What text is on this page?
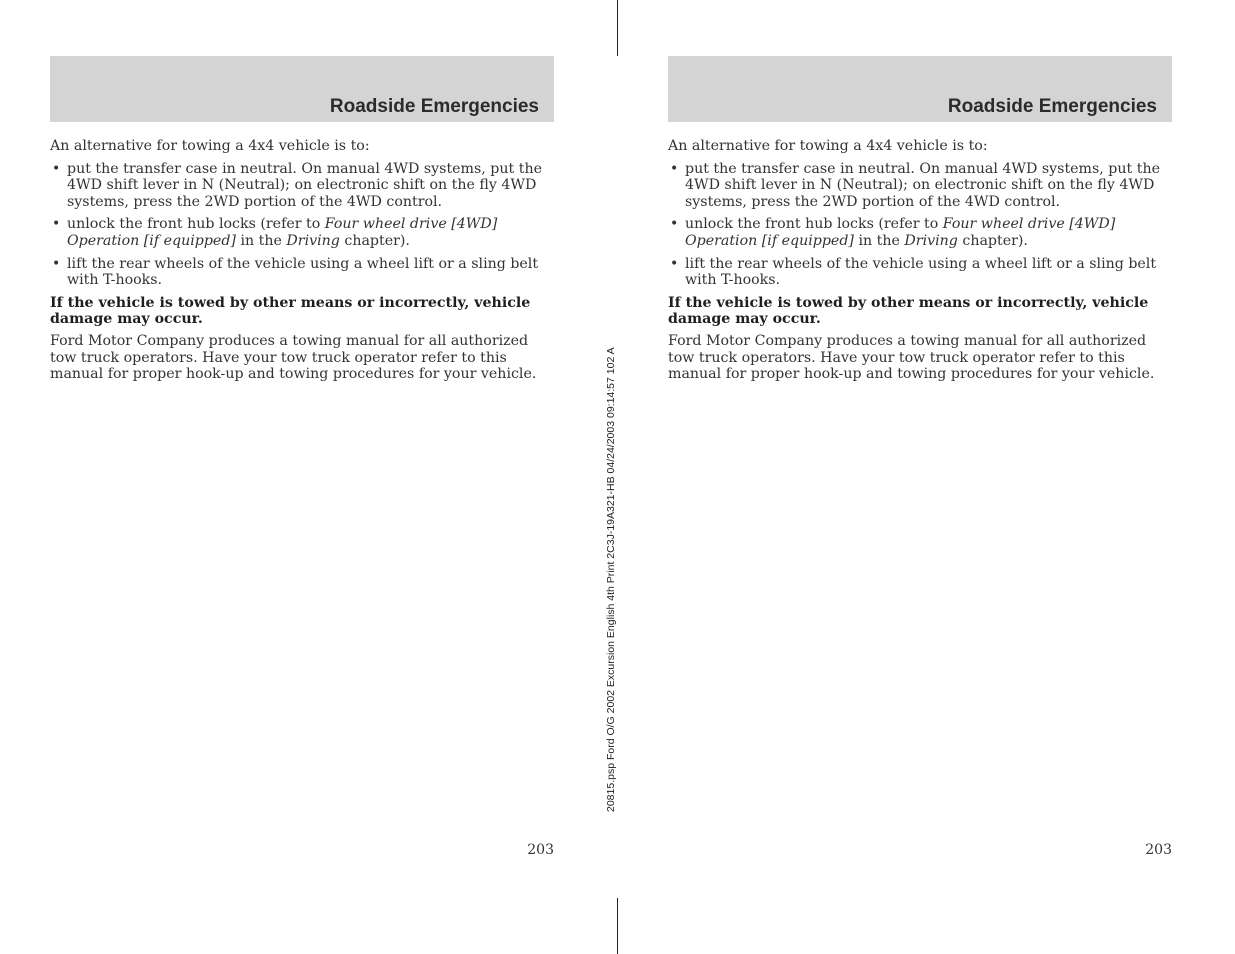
20815.psp Ford O/G 2002 Excursion English 4th Print 2C3J-19A321-HB 04/24/2003 09:14:57 102 A
Roadside Emergencies

An alternative for towing a 4x4 vehicle is to:

• put the transfer case in neutral. On manual 4WD systems, put the 4WD shift lever in N (Neutral); on electronic shift on the fly 4WD systems, press the 2WD portion of the 4WD control.
• unlock the front hub locks (refer to Four wheel drive [4WD] Operation [if equipped] in the Driving chapter).
• lift the rear wheels of the vehicle using a wheel lift or a sling belt with T-hooks.

If the vehicle is towed by other means or incorrectly, vehicle damage may occur.

Ford Motor Company produces a towing manual for all authorized tow truck operators. Have your tow truck operator refer to this manual for proper hook-up and towing procedures for your vehicle.

203
Roadside Emergencies

An alternative for towing a 4x4 vehicle is to:

• put the transfer case in neutral. On manual 4WD systems, put the 4WD shift lever in N (Neutral); on electronic shift on the fly 4WD systems, press the 2WD portion of the 4WD control.
• unlock the front hub locks (refer to Four wheel drive [4WD] Operation [if equipped] in the Driving chapter).
• lift the rear wheels of the vehicle using a wheel lift or a sling belt with T-hooks.

If the vehicle is towed by other means or incorrectly, vehicle damage may occur.

Ford Motor Company produces a towing manual for all authorized tow truck operators. Have your tow truck operator refer to this manual for proper hook-up and towing procedures for your vehicle.

203
